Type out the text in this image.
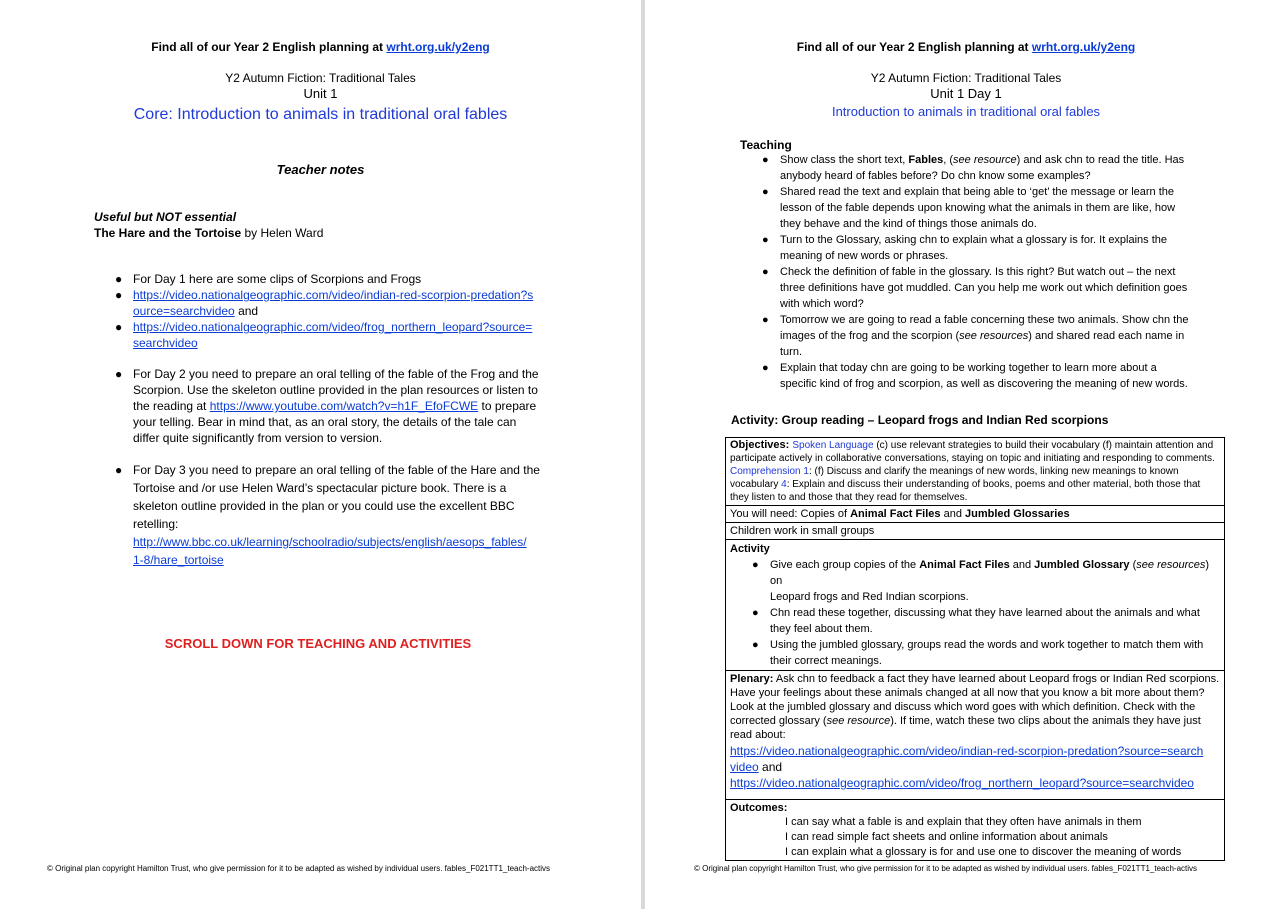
Find all of our Year 2 English planning at wrht.org.uk/y2eng
Y2 Autumn Fiction: Traditional Tales
Unit 1
Core: Introduction to animals in traditional oral fables
Teacher notes
Useful but NOT essential
The Hare and the Tortoise by Helen Ward
● For Day 1 here are some clips of Scorpions and Frogs
● https://video.nationalgeographic.com/video/indian-red-scorpion-predation?s
ource=searchvideo and
● https://video.nationalgeographic.com/video/frog_northern_leopard?source=
searchvideo
● For Day 2 you need to prepare an oral telling of the fable of the Frog and the
Scorpion. Use the skeleton outline provided in the plan resources or listen to
the reading at https://www.youtube.com/watch?v=h1F_EfoFCWE to prepare
your telling. Bear in mind that, as an oral story, the details of the tale can
differ quite significantly from version to version.
● For Day 3 you need to prepare an oral telling of the fable of the Hare and the
Tortoise and /or use Helen Ward’s spectacular picture book. There is a
skeleton outline provided in the plan or you could use the excellent BBC
retelling:
http://www.bbc.co.uk/learning/schoolradio/subjects/english/aesops_fables/
1-8/hare_tortoise
SCROLL DOWN FOR TEACHING AND ACTIVITIES
© Original plan copyright Hamilton Trust, who give permission for it to be adapted as wished by individual users. fables_F021TT1_teach-activs
Find all of our Year 2 English planning at wrht.org.uk/y2eng
Y2 Autumn Fiction: Traditional Tales
Unit 1 Day 1
Introduction to animals in traditional oral fables
Teaching
● Show class the short text, Fables, (see resource) and ask chn to read the title. Has
anybody heard of fables before? Do chn know some examples?
● Shared read the text and explain that being able to ‘get’ the message or learn the
lesson of the fable depends upon knowing what the animals in them are like, how
they behave and the kind of things those animals do.
● Turn to the Glossary, asking chn to explain what a glossary is for. It explains the
meaning of new words or phrases.
● Check the definition of fable in the glossary. Is this right? But watch out – the next
three definitions have got muddled. Can you help me work out which definition goes
with which word?
● Tomorrow we are going to read a fable concerning these two animals. Show chn the
images of the frog and the scorpion (see resources) and shared read each name in
turn.
● Explain that today chn are going to be working together to learn more about a
specific kind of frog and scorpion, as well as discovering the meaning of new words.
Activity: Group reading – Leopard frogs and Indian Red scorpions
Objectives: Spoken Language (c) use relevant strategies to build their vocabulary (f) maintain attention and
participate actively in collaborative conversations, staying on topic and initiating and responding to comments.
Comprehension 1: (f) Discuss and clarify the meanings of new words, linking new meanings to known
vocabulary 4: Explain and discuss their understanding of books, poems and other material, both those that
they listen to and those that they read for themselves.
You will need: Copies of Animal Fact Files and Jumbled Glossaries
Children work in small groups
Activity
● Give each group copies of the Animal Fact Files and Jumbled Glossary (see resources) on
Leopard frogs and Red Indian scorpions.
● Chn read these together, discussing what they have learned about the animals and what
they feel about them.
● Using the jumbled glossary, groups read the words and work together to match them with
their correct meanings.

Plenary: Ask chn to feedback a fact they have learned about Leopard frogs or Indian Red scorpions.
Have your feelings about these animals changed at all now that you know a bit more about them?
Look at the jumbled glossary and discuss which word goes with which definition. Check with the
corrected glossary (see resource). If time, watch these two clips about the animals they have just
read about:
https://video.nationalgeographic.com/video/indian-red-scorpion-predation?source=search
video and
https://video.nationalgeographic.com/video/frog_northern_leopard?source=searchvideo

Outcomes:
I can say what a fable is and explain that they often have animals in them
I can read simple fact sheets and online information about animals
I can explain what a glossary is for and use one to discover the meaning of words
© Original plan copyright Hamilton Trust, who give permission for it to be adapted as wished by individual users. fables_F021TT1_teach-activs
